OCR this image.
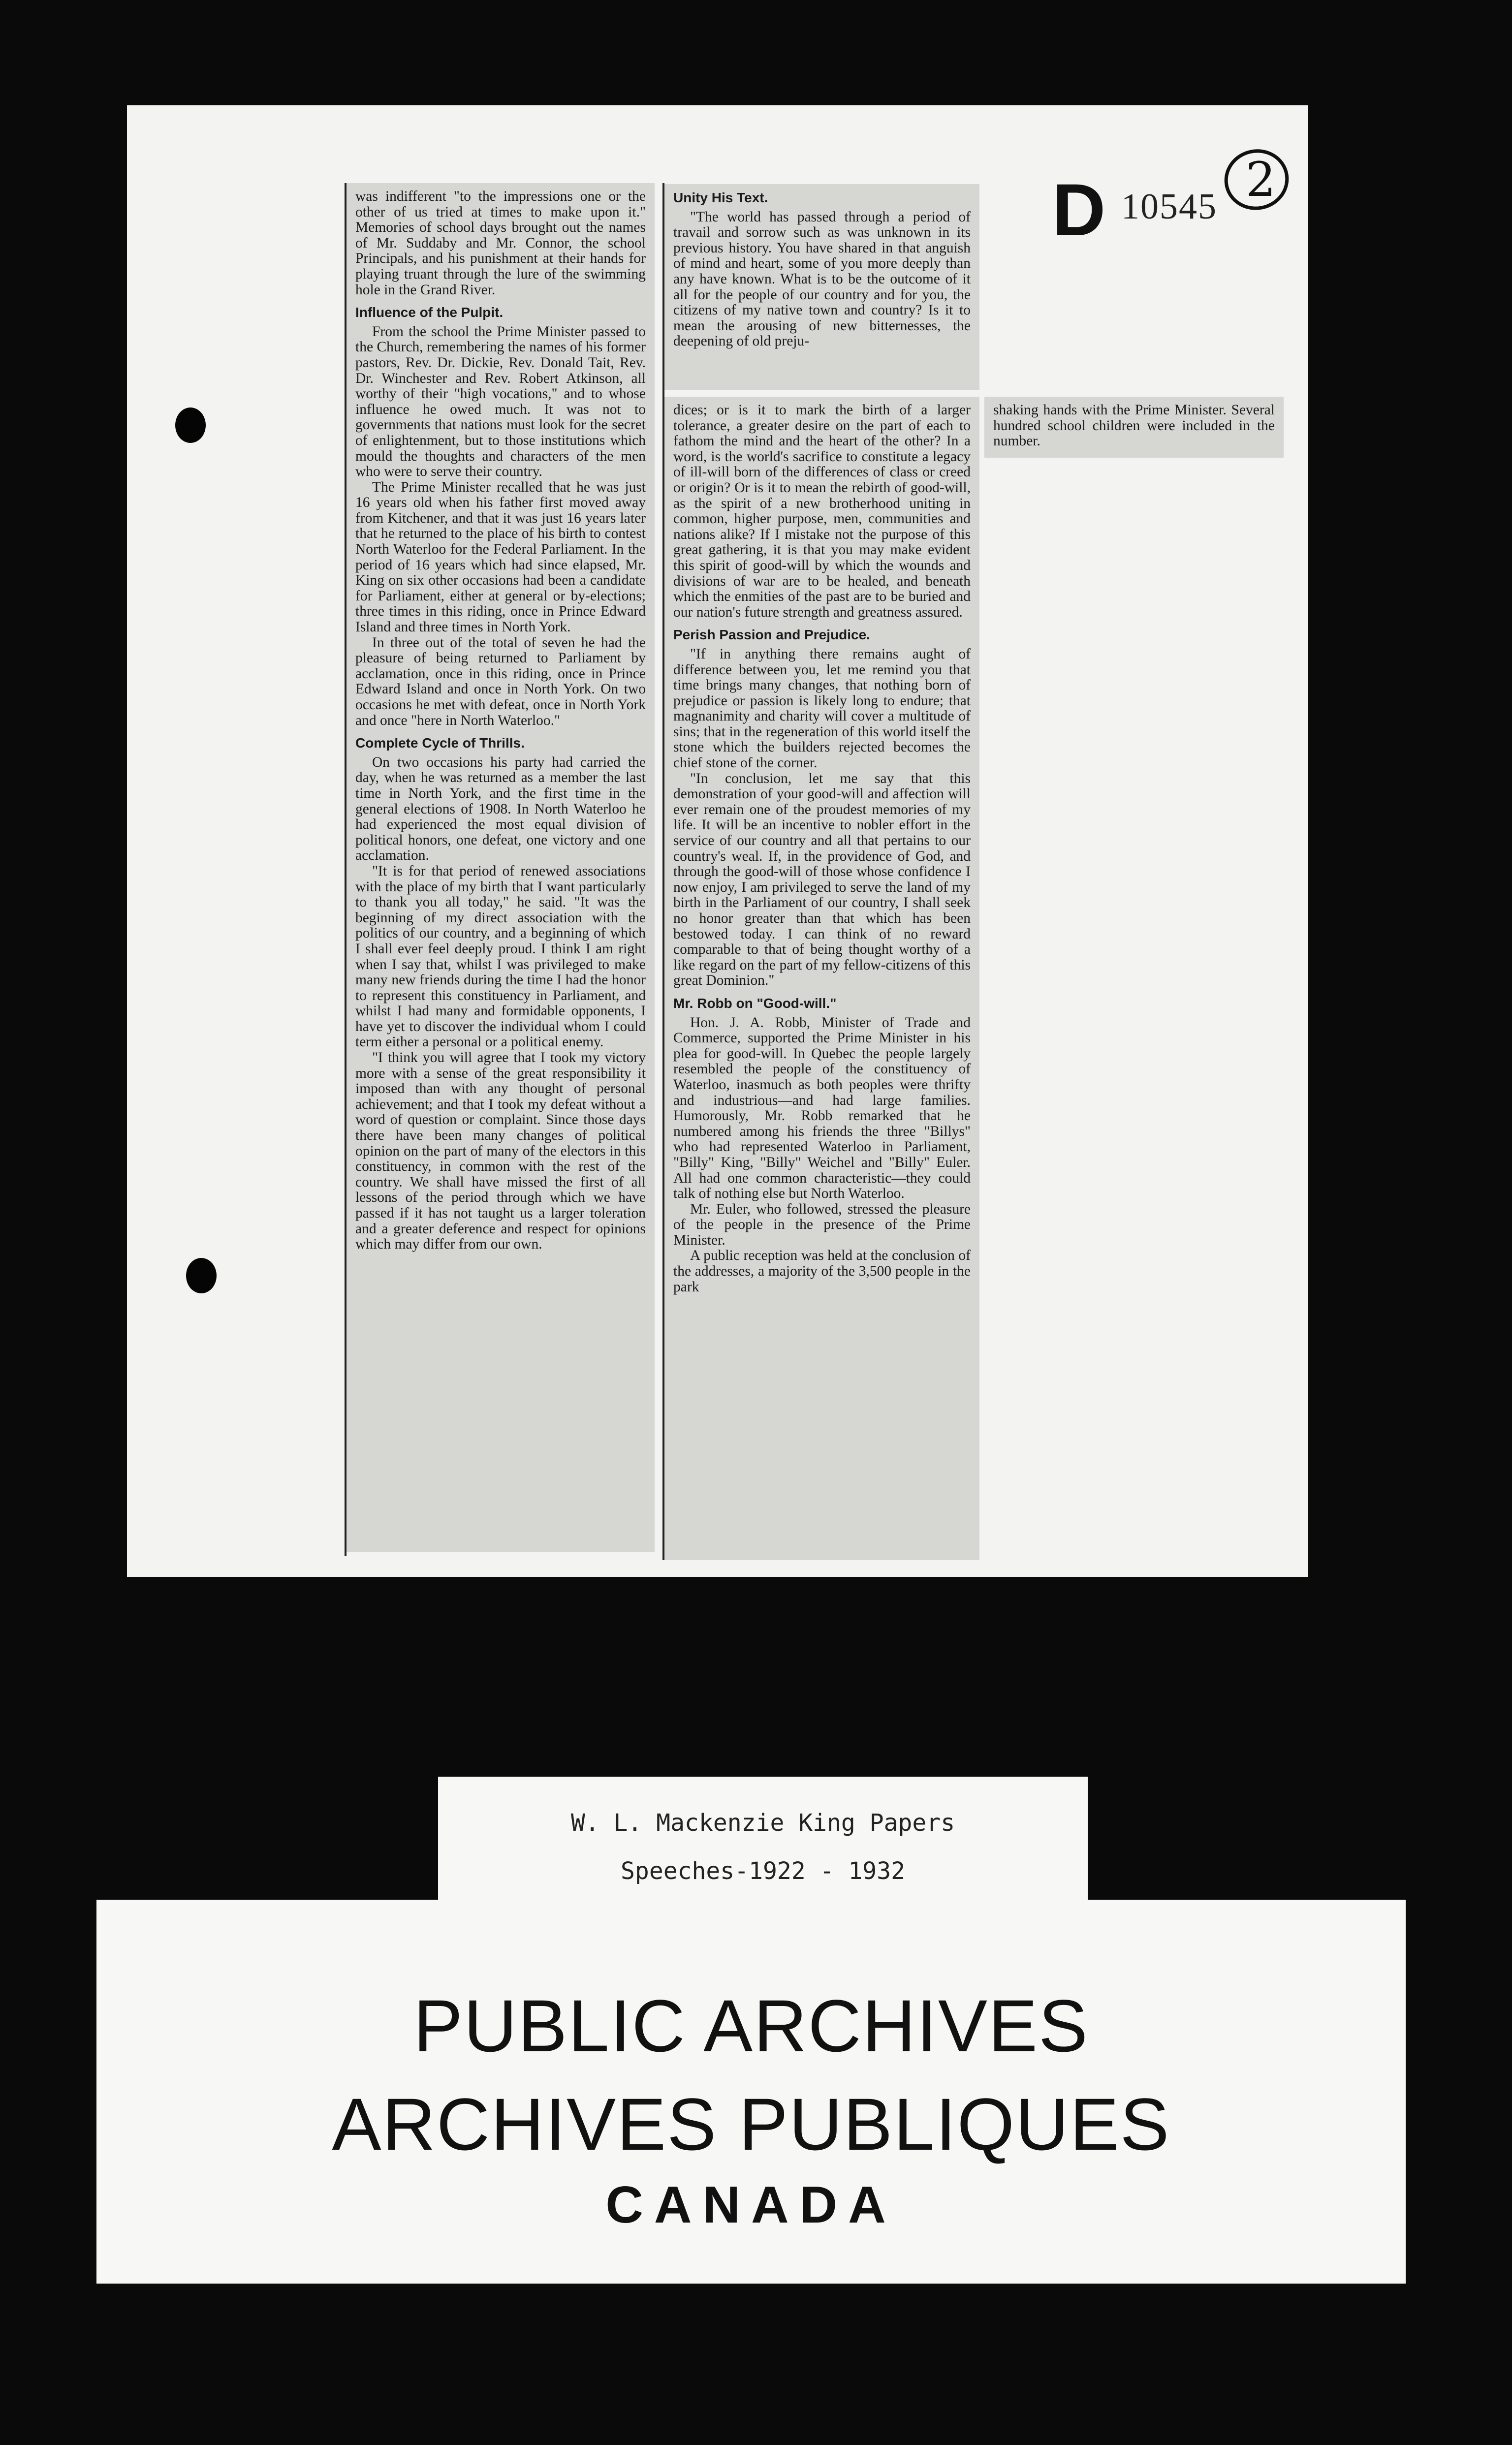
was indifferent "to the impressions one or the other of us tried at times to make upon it." Memories of school days brought out the names of Mr. Suddaby and Mr. Connor, the school Principals, and his punishment at their hands for playing truant through the lure of the swimming hole in the Grand River.
Influence of the Pulpit.
From the school the Prime Minister passed to the Church, remembering the names of his former pastors, Rev. Dr. Dickie, Rev. Donald Tait, Rev. Dr. Winchester and Rev. Robert Atkinson, all worthy of their "high vocations," and to whose influence he owed much. It was not to governments that nations must look for the secret of enlightenment, but to those institutions which mould the thoughts and characters of the men who were to serve their country.
The Prime Minister recalled that he was just 16 years old when his father first moved away from Kitchener, and that it was just 16 years later that he returned to the place of his birth to contest North Waterloo for the Federal Parliament. In the period of 16 years which had since elapsed, Mr. King on six other occasions had been a candidate for Parliament, either at general or by-elections; three times in this riding, once in Prince Edward Island and three times in North York.
In three out of the total of seven he had the pleasure of being returned to Parliament by acclamation, once in this riding, once in Prince Edward Island and once in North York. On two occasions he met with defeat, once in North York and once "here in North Waterloo."
Complete Cycle of Thrills.
On two occasions his party had carried the day, when he was returned as a member the last time in North York, and the first time in the general elections of 1908. In North Waterloo he had experienced the most equal division of political honors, one defeat, one victory and one acclamation.
"It is for that period of renewed associations with the place of my birth that I want particularly to thank you all today," he said. "It was the beginning of my direct association with the politics of our country, and a beginning of which I shall ever feel deeply proud. I think I am right when I say that, whilst I was privileged to make many new friends during the time I had the honor to represent this constituency in Parliament, and whilst I had many and formidable opponents, I have yet to discover the individual whom I could term either a personal or a political enemy.
"I think you will agree that I took my victory more with a sense of the great responsibility it imposed than with any thought of personal achievement; and that I took my defeat without a word of question or complaint. Since those days there have been many changes of political opinion on the part of many of the electors in this constituency, in common with the rest of the country. We shall have missed the first of all lessons of the period through which we have passed if it has not taught us a larger toleration and a greater deference and respect for opinions which may differ from our own.
Unity His Text.
"The world has passed through a period of travail and sorrow such as was unknown in its previous history. You have shared in that anguish of mind and heart, some of you more deeply than any have known. What is to be the outcome of it all for the people of our country and for you, the citizens of my native town and country? Is it to mean the arousing of new bitternesses, the deepening of old preju-
dices; or is it to mark the birth of a larger tolerance, a greater desire on the part of each to fathom the mind and the heart of the other? In a word, is the world's sacrifice to constitute a legacy of ill-will born of the differences of class or creed or origin? Or is it to mean the rebirth of good-will, as the spirit of a new brotherhood uniting in common, higher purpose, men, communities and nations alike? If I mistake not the purpose of this great gathering, it is that you may make evident this spirit of good-will by which the wounds and divisions of war are to be healed, and beneath which the enmities of the past are to be buried and our nation's future strength and greatness assured.
Perish Passion and Prejudice.
"If in anything there remains aught of difference between you, let me remind you that time brings many changes, that nothing born of prejudice or passion is likely long to endure; that magnanimity and charity will cover a multitude of sins; that in the regeneration of this world itself the stone which the builders rejected becomes the chief stone of the corner.
"In conclusion, let me say that this demonstration of your good-will and affection will ever remain one of the proudest memories of my life. It will be an incentive to nobler effort in the service of our country and all that pertains to our country's weal. If, in the providence of God, and through the good-will of those whose confidence I now enjoy, I am privileged to serve the land of my birth in the Parliament of our country, I shall seek no honor greater than that which has been bestowed today. I can think of no reward comparable to that of being thought worthy of a like regard on the part of my fellow-citizens of this great Dominion."
Mr. Robb on "Good-will."
Hon. J. A. Robb, Minister of Trade and Commerce, supported the Prime Minister in his plea for good-will. In Quebec the people largely resembled the people of the constituency of Waterloo, inasmuch as both peoples were thrifty and industrious—and had large families. Humorously, Mr. Robb remarked that he numbered among his friends the three "Billys" who had represented Waterloo in Parliament, "Billy" King, "Billy" Weichel and "Billy" Euler. All had one common characteristic—they could talk of nothing else but North Waterloo.
Mr. Euler, who followed, stressed the pleasure of the people in the presence of the Prime Minister.
A public reception was held at the conclusion of the addresses, a majority of the 3,500 people in the park
shaking hands with the Prime Minister. Several hundred school children were included in the number.
D 10545 2
W. L. Mackenzie King Papers
Speeches-1922 - 1932
PUBLIC ARCHIVES
ARCHIVES PUBLIQUES
CANADA
